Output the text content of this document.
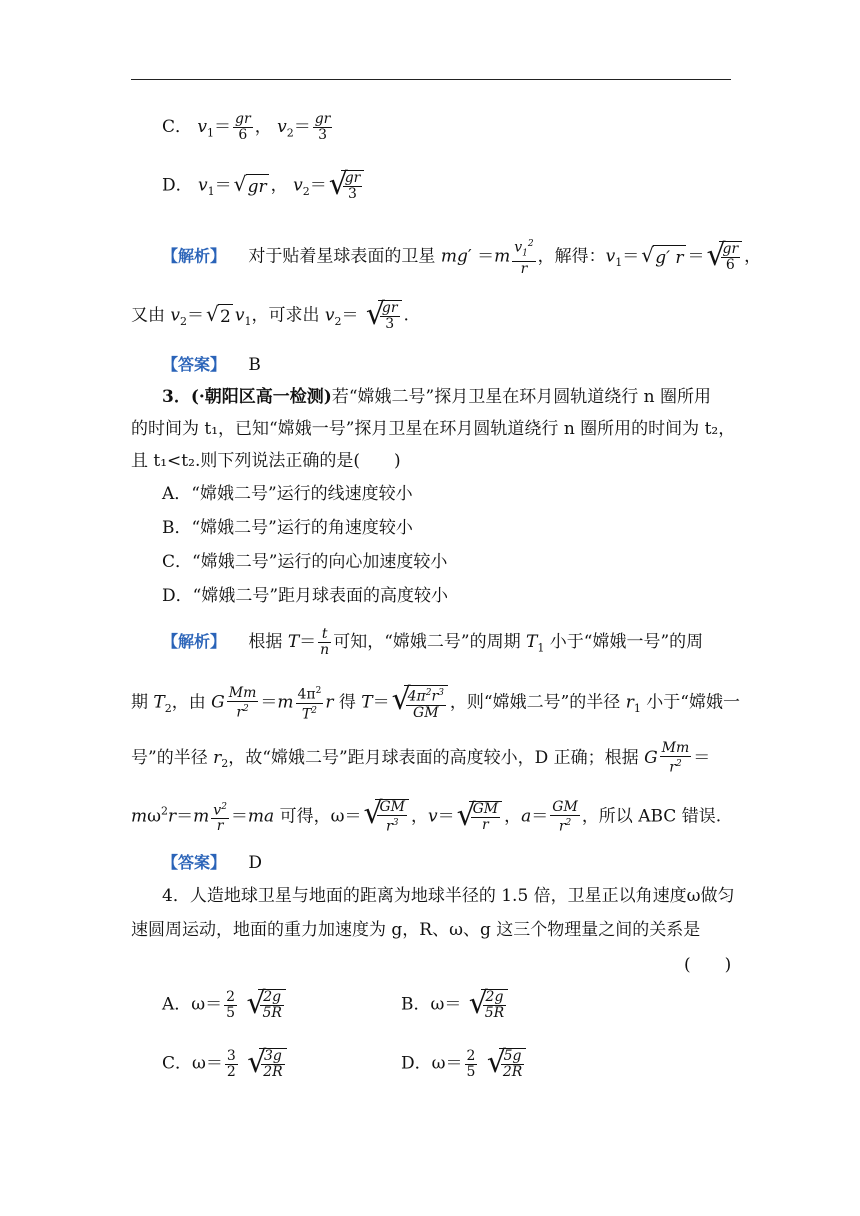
C． $v_1= \frac{gr}{6}$ ， $v_2= \frac{gr}{3}$
D． $v_1=$ √ gr ， $v_2=$ √
$\frac{gr}{3}$
【解析】 　对于贴着星球表面的卫星 $mg' =m \frac{v_1^2}{r}$ ，解得：$v_1=$ √ g′ r ＝ √
$\frac{gr}{6}$ ，
又由 $v_2=$ √ 2 $v_1$，可求出 $v_2=$ √
$\frac{gr}{3}$ .
【答案】 　 B
3．(·朝阳区高一检测)若“嫦娥二号”探月卫星在环月圆轨道绕行 n 圈所用
的时间为 t₁，已知“嫦娥一号”探月卫星在环月圆轨道绕行 n 圈所用的时间为 t₂，
且 t₁<t₂.则下列说法正确的是(　　)
A．“嫦娥二号”运行的线速度较小
B．“嫦娥二号”运行的角速度较小
C．“嫦娥二号”运行的向心加速度较小
D．“嫦娥二号”距月球表面的高度较小
【解析】 　根据 $T= \frac{t}{n}$ 可知，“嫦娥二号”的周期 $T_1$ 小于“嫦娥一号”的周
期 $T_2$，由 G $\frac{Mm}{r^2} =m \frac{4\pi^2}{T^2}$ r 得 T＝ √
$\frac{4\pi^2r^3}{GM}$ ，则“嫦娥二号”的半径 $r_1$ 小于“嫦娥一
号”的半径 $r_2$，故“嫦娥二号”距月球表面的高度较小，D 正确；根据 G $\frac{Mm}{r^2}$ ＝
$m\omega^2r=m \frac{v^2}{r} =ma$ 可得，ω＝ √
$\frac{GM}{r^3}$ ，v＝ √
$\frac{GM}{r}$ ，$a= \frac{GM}{r^2}$ ，所以 ABC 错误.
【答案】 　 D
4．人造地球卫星与地面的距离为地球半径的 1.5 倍，卫星正以角速度ω做匀
速圆周运动，地面的重力加速度为 g，R、ω、g 这三个物理量之间的关系是
(　　)
A．$\omega= \frac{2}{5}$
√
$\frac{2g}{5R}$	B．ω＝ √
$\frac{2g}{5R}$
C．$\omega= \frac{3}{2}$
√
$\frac{3g}{2R}$	D．$\omega= \frac{2}{5}$
√
$\frac{5g}{2R}$
